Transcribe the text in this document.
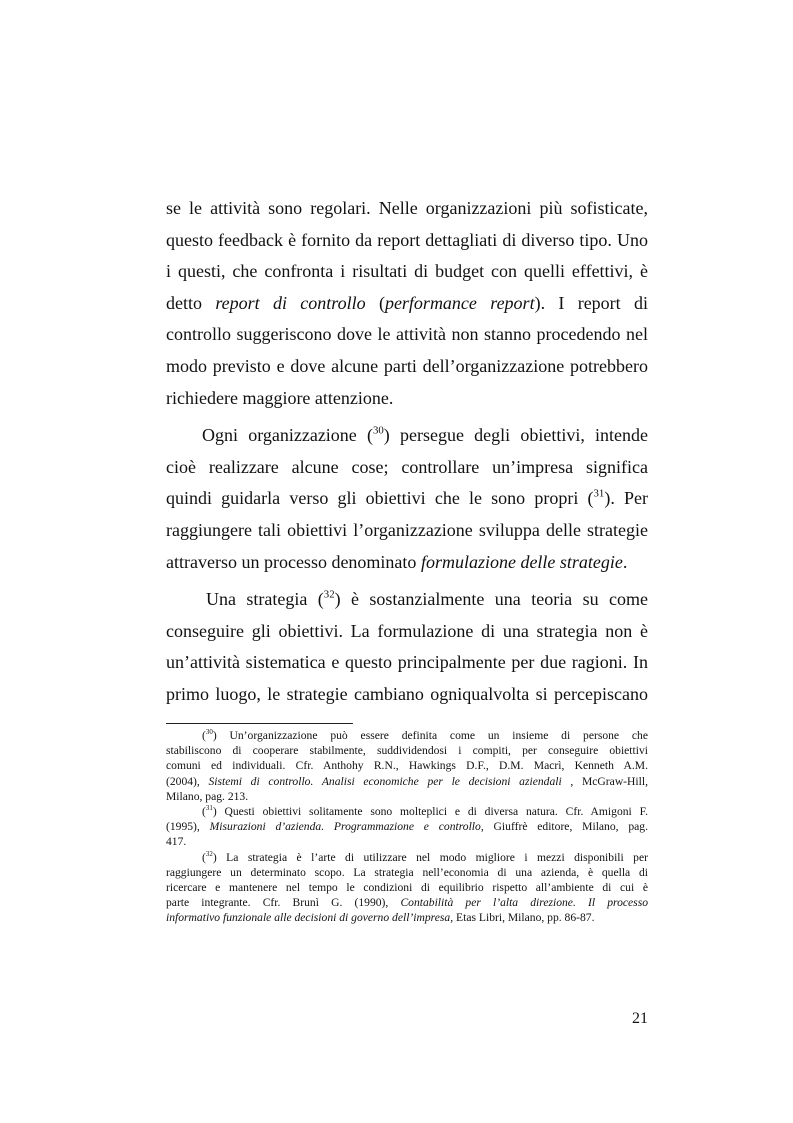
se le attività sono regolari. Nelle organizzazioni più sofisticate,
questo feedback è fornito da report dettagliati di diverso tipo. Uno
i questi, che confronta i risultati di budget con quelli effettivi, è
detto report di controllo (performance report). I report di
controllo suggeriscono dove le attività non stanno procedendo nel
modo previsto e dove alcune parti dell’organizzazione potrebbero
richiedere maggiore attenzione.

Ogni organizzazione ($^{30}$) persegue degli obiettivi, intende
cioè realizzare alcune cose; controllare un’impresa significa
quindi guidarla verso gli obiettivi che le sono propri ($^{31}$). Per
raggiungere tali obiettivi l’organizzazione sviluppa delle strategie
attraverso un processo denominato formulazione delle strategie.

Una strategia ($^{32}$) è sostanzialmente una teoria su come
conseguire gli obiettivi. La formulazione di una strategia non è
un’attività sistematica e questo principalmente per due ragioni. In
primo luogo, le strategie cambiano ogniqualvolta si percepiscano

($^{30}$) Un’organizzazione può essere definita come un insieme di persone che
stabiliscono di cooperare stabilmente, suddividendosi i compiti, per conseguire obiettivi
comuni ed individuali. Cfr. Anthohy R.N., Hawkings D.F., D.M. Macrì, Kenneth A.M.
(2004), Sistemi di controllo. Analisi economiche per le decisioni aziendali , McGraw-Hill,
Milano, pag. 213.

($^{31}$) Questi obiettivi solitamente sono molteplici e di diversa natura. Cfr. Amigoni F.
(1995), Misurazioni d’azienda. Programmazione e controllo, Giuffrè editore, Milano, pag.
417.

($^{32}$) La strategia è l’arte di utilizzare nel modo migliore i mezzi disponibili per
raggiungere un determinato scopo. La strategia nell’economia di una azienda, è quella di
ricercare e mantenere nel tempo le condizioni di equilibrio rispetto all’ambiente di cui è
parte integrante. Cfr. Brunì G. (1990), Contabilità per l’alta direzione. Il processo
informativo funzionale alle decisioni di governo dell’impresa, Etas Libri, Milano, pp. 86-87.

21
